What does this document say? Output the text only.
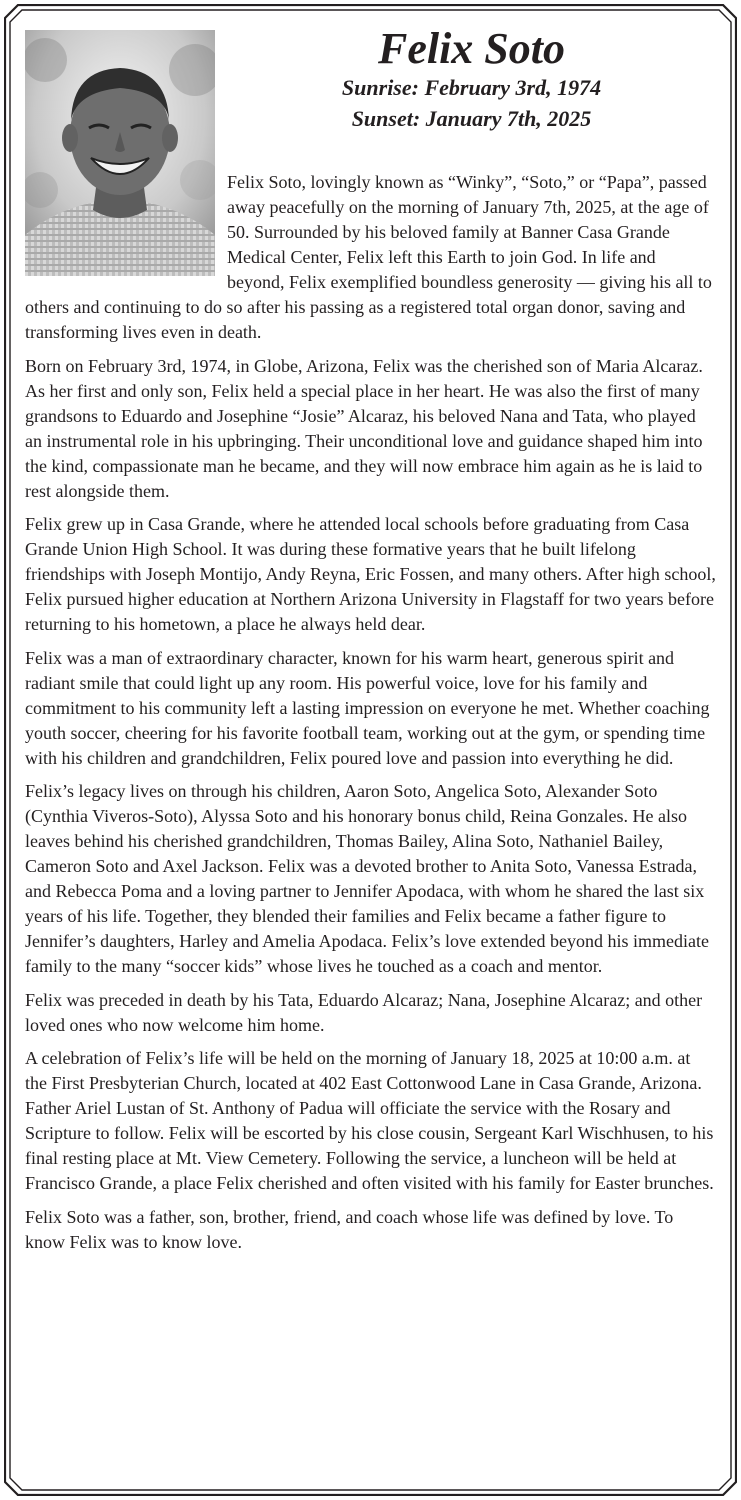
Felix Soto

Sunrise: February 3rd, 1974

Sunset: January 7th, 2025

Felix Soto, lovingly known as “Winky”, “Soto,” or “Papa”, passed away peacefully on the morning of January 7th, 2025, at the age of 50. Surrounded by his beloved family at Banner Casa Grande Medical Center, Felix left this Earth to join God. In life and beyond, Felix exemplified boundless generosity — giving his all to others and continuing to do so after his passing as a registered total organ donor, saving and transforming lives even in death.

Born on February 3rd, 1974, in Globe, Arizona, Felix was the cherished son of Maria Alcaraz. As her first and only son, Felix held a special place in her heart. He was also the first of many grandsons to Eduardo and Josephine “Josie” Alcaraz, his beloved Nana and Tata, who played an instrumental role in his upbringing. Their unconditional love and guidance shaped him into the kind, compassionate man he became, and they will now embrace him again as he is laid to rest alongside them.

Felix grew up in Casa Grande, where he attended local schools before graduating from Casa Grande Union High School. It was during these formative years that he built lifelong friendships with Joseph Montijo, Andy Reyna, Eric Fossen, and many others. After high school, Felix pursued higher education at Northern Arizona University in Flagstaff for two years before returning to his hometown, a place he always held dear.

Felix was a man of extraordinary character, known for his warm heart, generous spirit and radiant smile that could light up any room. His powerful voice, love for his family and commitment to his community left a lasting impression on everyone he met. Whether coaching youth soccer, cheering for his favorite football team, working out at the gym, or spending time with his children and grandchildren, Felix poured love and passion into everything he did.

Felix’s legacy lives on through his children, Aaron Soto, Angelica Soto, Alexander Soto (Cynthia Viveros-Soto), Alyssa Soto and his honorary bonus child, Reina Gonzales. He also leaves behind his cherished grandchildren, Thomas Bailey, Alina Soto, Nathaniel Bailey, Cameron Soto and Axel Jackson. Felix was a devoted brother to Anita Soto, Vanessa Estrada, and Rebecca Poma and a loving partner to Jennifer Apodaca, with whom he shared the last six years of his life. Together, they blended their families and Felix became a father figure to Jennifer’s daughters, Harley and Amelia Apodaca. Felix’s love extended beyond his immediate family to the many “soccer kids” whose lives he touched as a coach and mentor.

Felix was preceded in death by his Tata, Eduardo Alcaraz; Nana, Josephine Alcaraz; and other loved ones who now welcome him home.

A celebration of Felix’s life will be held on the morning of January 18, 2025 at 10:00 a.m. at the First Presbyterian Church, located at 402 East Cottonwood Lane in Casa Grande, Arizona. Father Ariel Lustan of St. Anthony of Padua will officiate the service with the Rosary and Scripture to follow. Felix will be escorted by his close cousin, Sergeant Karl Wischhusen, to his final resting place at Mt. View Cemetery. Following the service, a luncheon will be held at Francisco Grande, a place Felix cherished and often visited with his family for Easter brunches.

Felix Soto was a father, son, brother, friend, and coach whose life was defined by love. To know Felix was to know love.
